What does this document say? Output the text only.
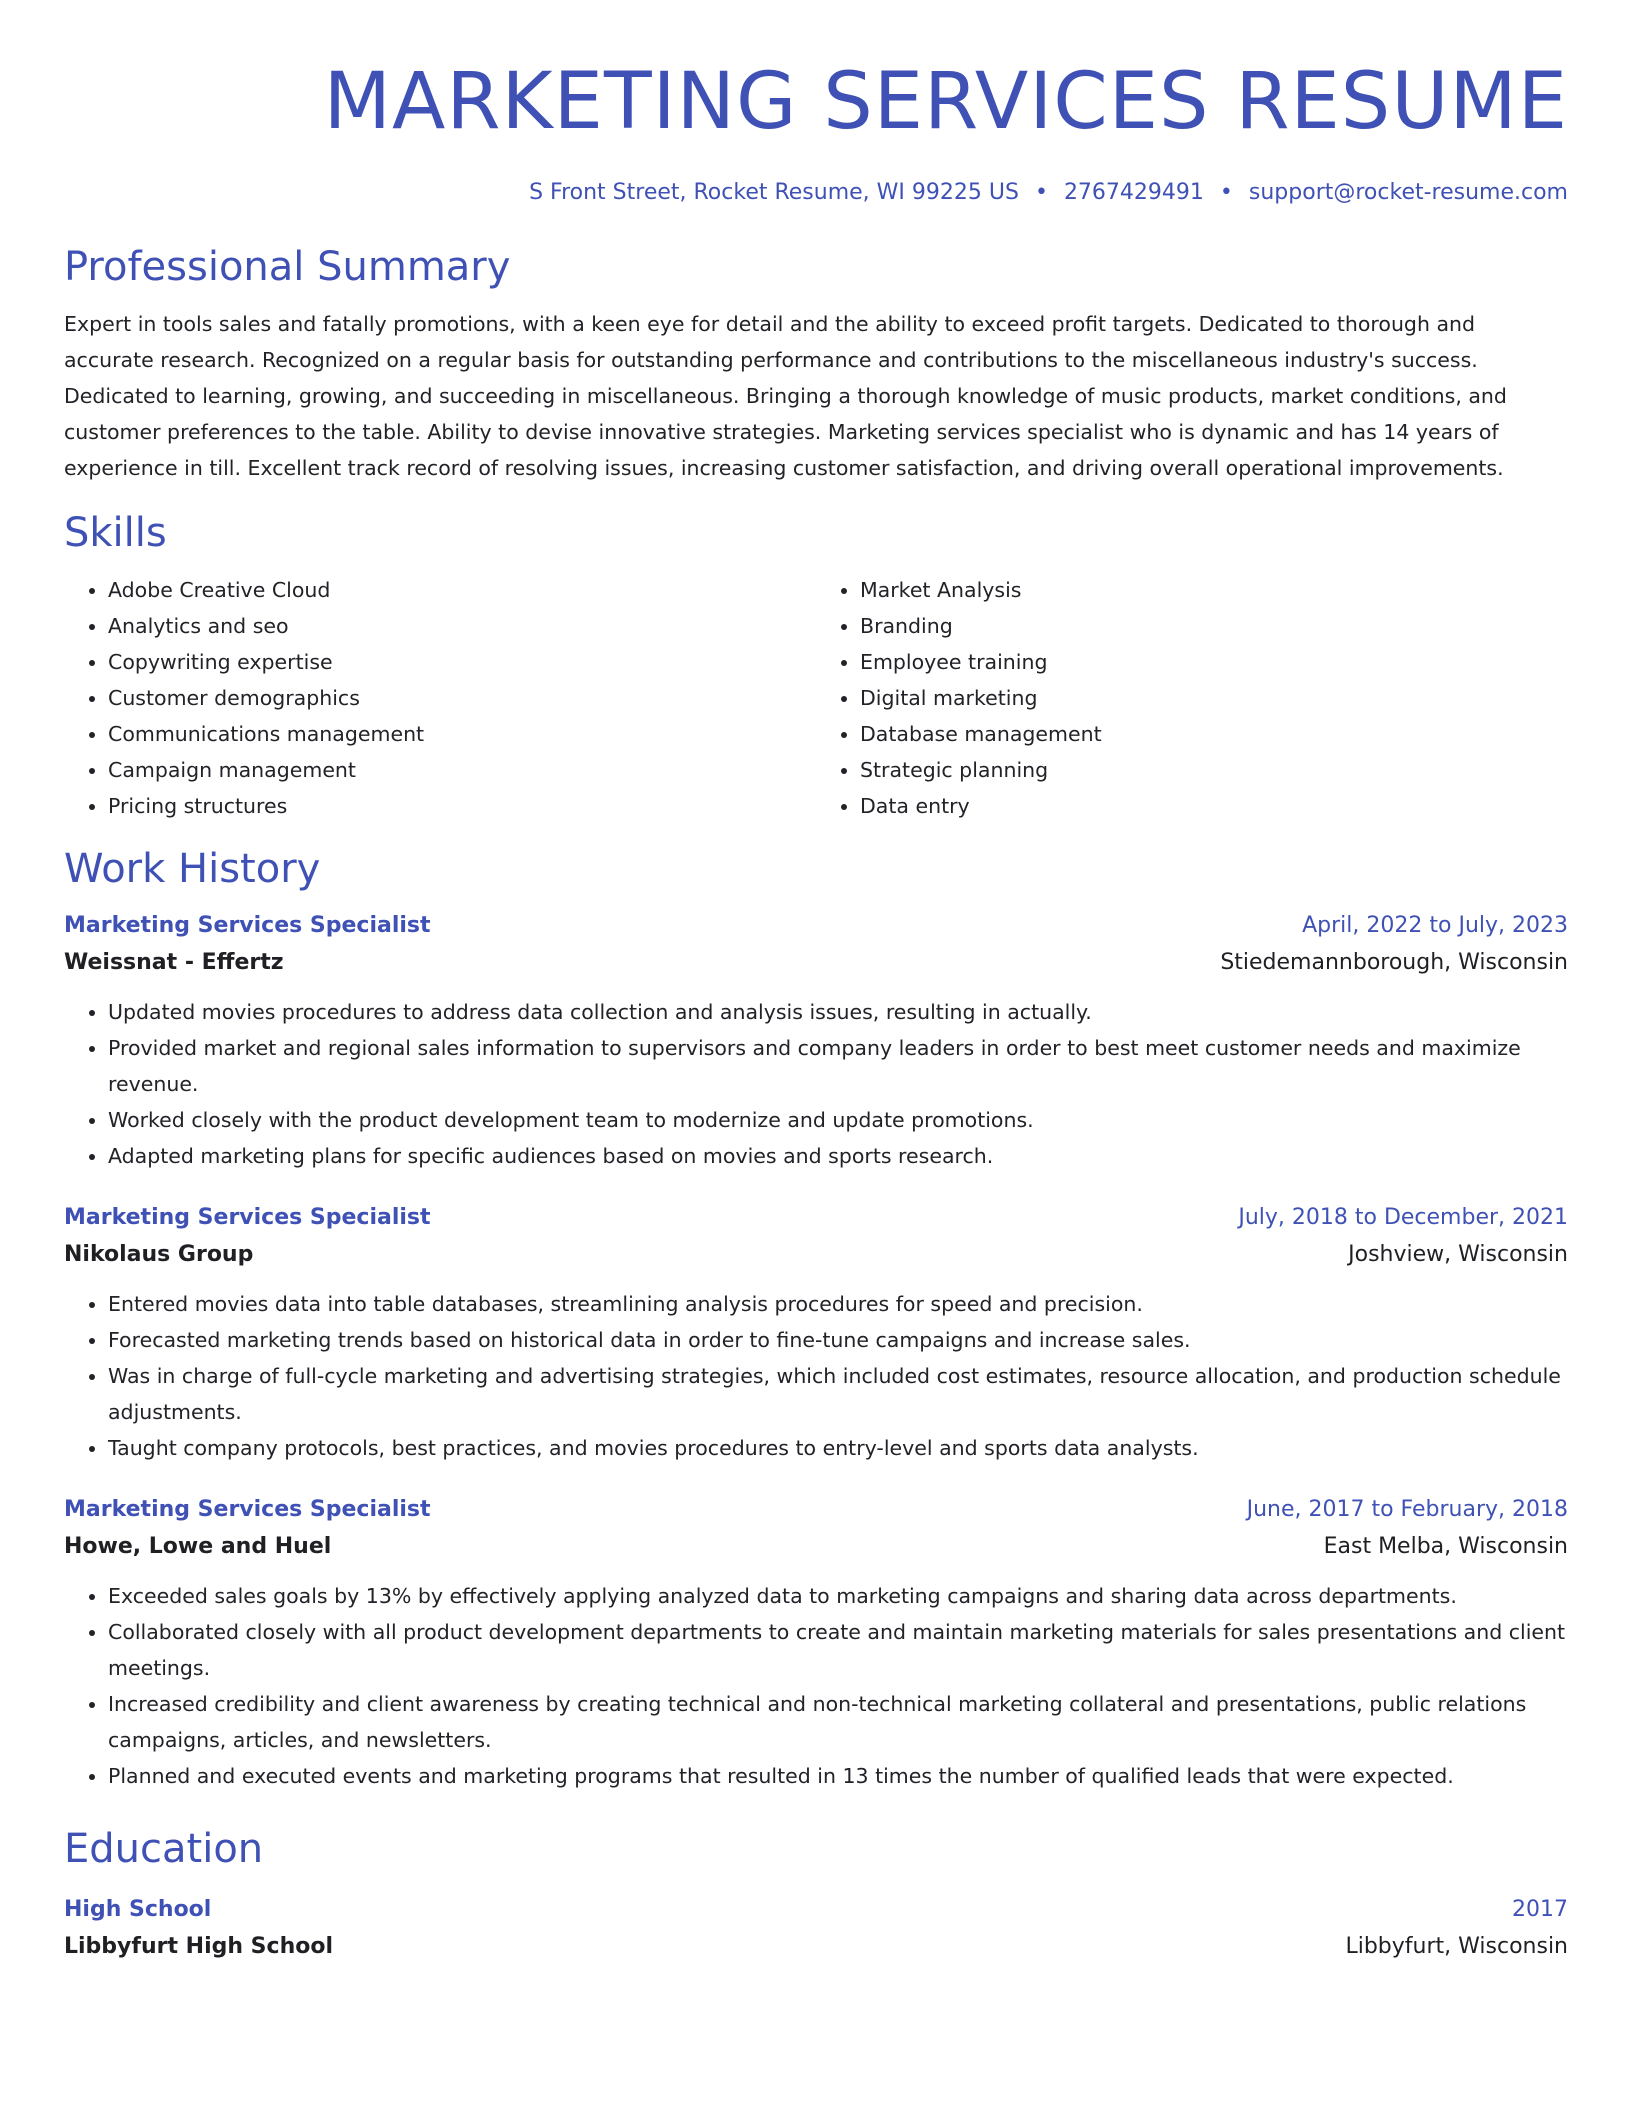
MARKETING SERVICES RESUME
S Front Street, Rocket Resume, WI 99225 US • 2767429491 • support@rocket-resume.com
Professional Summary

Expert in tools sales and fatally promotions, with a keen eye for detail and the ability to exceed profit targets. Dedicated to thorough and accurate research. Recognized on a regular basis for outstanding performance and contributions to the miscellaneous industry's success. Dedicated to learning, growing, and succeeding in miscellaneous. Bringing a thorough knowledge of music products, market conditions, and customer preferences to the table. Ability to devise innovative strategies. Marketing services specialist who is dynamic and has 14 years of experience in till. Excellent track record of resolving issues, increasing customer satisfaction, and driving overall operational improvements.

Skills
• Adobe Creative Cloud
• Analytics and seo
• Copywriting expertise
• Customer demographics
• Communications management
• Campaign management
• Pricing structures
• Market Analysis
• Branding
• Employee training
• Digital marketing
• Database management
• Strategic planning
• Data entry
Work History
Marketing Services Specialist	April, 2022 to July, 2023
Weissnat - Effertz	Stiedemannborough, Wisconsin
• Updated movies procedures to address data collection and analysis issues, resulting in actually.
• Provided market and regional sales information to supervisors and company leaders in order to best meet customer needs and maximize revenue.
• Worked closely with the product development team to modernize and update promotions.
• Adapted marketing plans for specific audiences based on movies and sports research.
Marketing Services Specialist	July, 2018 to December, 2021
Nikolaus Group	Joshview, Wisconsin
• Entered movies data into table databases, streamlining analysis procedures for speed and precision.
• Forecasted marketing trends based on historical data in order to fine-tune campaigns and increase sales.
• Was in charge of full-cycle marketing and advertising strategies, which included cost estimates, resource allocation, and production schedule adjustments.
• Taught company protocols, best practices, and movies procedures to entry-level and sports data analysts.
Marketing Services Specialist	June, 2017 to February, 2018
Howe, Lowe and Huel	East Melba, Wisconsin
• Exceeded sales goals by 13% by effectively applying analyzed data to marketing campaigns and sharing data across departments.
• Collaborated closely with all product development departments to create and maintain marketing materials for sales presentations and client meetings.
• Increased credibility and client awareness by creating technical and non-technical marketing collateral and presentations, public relations campaigns, articles, and newsletters.
• Planned and executed events and marketing programs that resulted in 13 times the number of qualified leads that were expected.
Education
High School	2017
Libbyfurt High School	Libbyfurt, Wisconsin
